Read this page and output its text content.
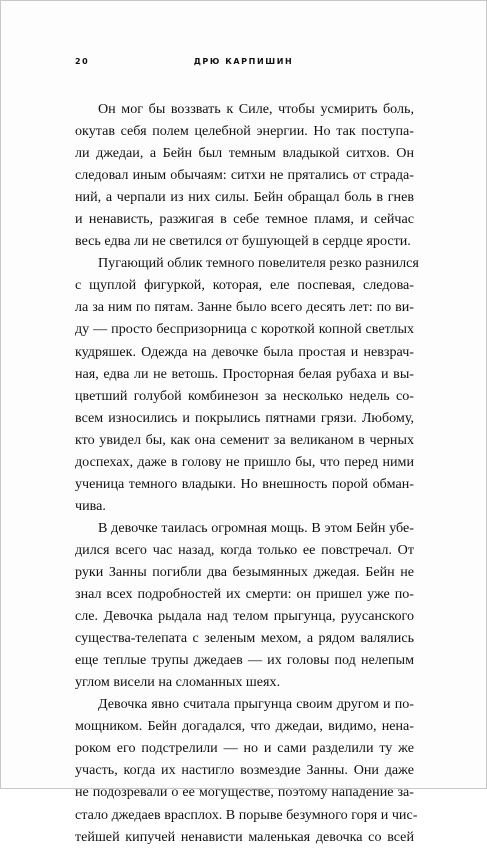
20	ДРЮ КАРПИШИН
Он мог бы воззвать к Силе, чтобы усмирить боль,
окутав себя полем целебной энергии. Но так поступа-
ли джедаи, а Бейн был темным владыкой ситхов. Он
следовал иным обычаям: ситхи не прятались от страда-
ний, а черпали из них силы. Бейн обращал боль в гнев
и ненависть, разжигая в себе темное пламя, и сейчас
весь едва ли не светился от бушующей в сердце ярости.
Пугающий облик темного повелителя резко разнился
с щуплой фигуркой, которая, еле поспевая, следова-
ла за ним по пятам. Занне было всего десять лет: по ви-
ду — просто беспризорница с короткой копной светлых
кудряшек. Одежда на девочке была простая и невзрач-
ная, едва ли не ветошь. Просторная белая рубаха и вы-
цветший голубой комбинезон за несколько недель со-
всем износились и покрылись пятнами грязи. Любому,
кто увидел бы, как она семенит за великаном в черных
доспехах, даже в голову не пришло бы, что перед ними
ученица темного владыки. Но внешность порой обман-
чива.
В девочке таилась огромная мощь. В этом Бейн убе-
дился всего час назад, когда только ее повстречал. От
руки Занны погибли два безымянных джедая. Бейн не
знал всех подробностей их смерти: он пришел уже по-
сле. Девочка рыдала над телом прыгунца, руусанского
существа-телепата с зеленым мехом, а рядом валялись
еще теплые трупы джедаев — их головы под нелепым
углом висели на сломанных шеях.
Девочка явно считала прыгунца своим другом и по-
мощником. Бейн догадался, что джедаи, видимо, нена-
роком его подстрелили — но и сами разделили ту же
участь, когда их настигло возмездие Занны. Они даже
не подозревали о ее могуществе, поэтому нападение за-
стало джедаев врасплох. В порыве безумного горя и чис-
тейшей кипучей ненависти маленькая девочка со всей
